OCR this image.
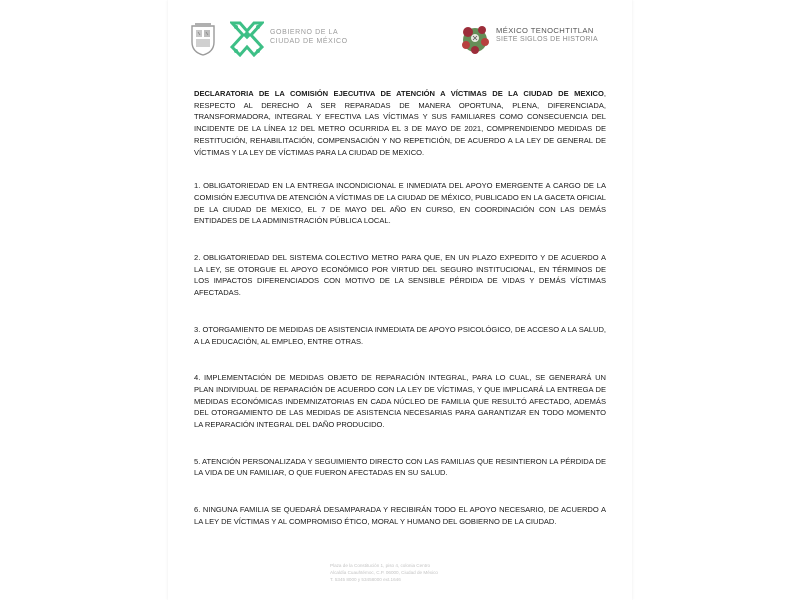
GOBIERNO DE LA
CIUDAD DE MÉXICO
MÉXICO TENOCHTITLAN
SIETE SIGLOS DE HISTORIA

DECLARATORIA DE LA COMISIÓN EJECUTIVA DE ATENCIÓN A VÍCTIMAS DE LA CIUDAD DE MEXICO, RESPECTO AL DERECHO A SER REPARADAS DE MANERA OPORTUNA, PLENA, DIFERENCIADA, TRANSFORMADORA, INTEGRAL Y EFECTIVA LAS VÍCTIMAS Y SUS FAMILIARES COMO CONSECUENCIA DEL INCIDENTE DE LA LÍNEA 12 DEL METRO OCURRIDA EL 3 DE MAYO DE 2021, COMPRENDIENDO MEDIDAS DE RESTITUCIÓN, REHABILITACIÓN, COMPENSACIÓN Y NO REPETICIÓN, DE ACUERDO A LA LEY DE GENERAL DE VÍCTIMAS Y LA LEY DE VÍCTIMAS PARA LA CIUDAD DE MEXICO.

1. OBLIGATORIEDAD EN LA ENTREGA INCONDICIONAL E INMEDIATA DEL APOYO EMERGENTE A CARGO DE LA COMISIÓN EJECUTIVA DE ATENCIÓN A VÍCTIMAS DE LA CIUDAD DE MÉXICO, PUBLICADO EN LA GACETA OFICIAL DE LA CIUDAD DE MEXICO, EL 7 DE MAYO DEL AÑO EN CURSO, EN COORDINACIÓN CON LAS DEMÁS ENTIDADES DE LA ADMINISTRACIÓN PÚBLICA LOCAL.

2. OBLIGATORIEDAD DEL SISTEMA COLECTIVO METRO PARA QUE, EN UN PLAZO EXPEDITO Y DE ACUERDO A LA LEY, SE OTORGUE EL APOYO ECONÓMICO POR VIRTUD DEL SEGURO INSTITUCIONAL, EN TÉRMINOS DE LOS IMPACTOS DIFERENCIADOS CON MOTIVO DE LA SENSIBLE PÉRDIDA DE VIDAS Y DEMÁS VÍCTIMAS AFECTADAS.

3. OTORGAMIENTO DE MEDIDAS DE ASISTENCIA INMEDIATA DE APOYO PSICOLÓGICO, DE ACCESO A LA SALUD, A LA EDUCACIÓN, AL EMPLEO, ENTRE OTRAS.

4. IMPLEMENTACIÓN DE MEDIDAS OBJETO DE REPARACIÓN INTEGRAL, PARA LO CUAL, SE GENERARÁ UN PLAN INDIVIDUAL DE REPARACIÓN DE ACUERDO CON LA LEY DE VÍCTIMAS, Y QUE IMPLICARÁ LA ENTREGA DE MEDIDAS ECONÓMICAS INDEMNIZATORIAS EN CADA NÚCLEO DE FAMILIA QUE RESULTÓ AFECTADO, ADEMÁS DEL OTORGAMIENTO DE LAS MEDIDAS DE ASISTENCIA NECESARIAS PARA GARANTIZAR EN TODO MOMENTO LA REPARACIÓN INTEGRAL DEL DAÑO PRODUCIDO.

5. ATENCIÓN PERSONALIZADA Y SEGUIMIENTO DIRECTO CON LAS FAMILIAS QUE RESINTIERON LA PÉRDIDA DE LA VIDA DE UN FAMILIAR, O QUE FUERON AFECTADAS EN SU SALUD.

6. NINGUNA FAMILIA SE QUEDARÁ DESAMPARADA Y RECIBIRÁN TODO EL APOYO NECESARIO, DE ACUERDO A LA LEY DE VÍCTIMAS Y AL COMPROMISO ÉTICO, MORAL Y HUMANO DEL GOBIERNO DE LA CIUDAD.

Plaza de la Constitución 1, piso 4, colonia Centro
Alcaldía Cuauhtémoc, C.P. 06000, Ciudad de México
T. 5345 8000 y 53458000 ext.1646
